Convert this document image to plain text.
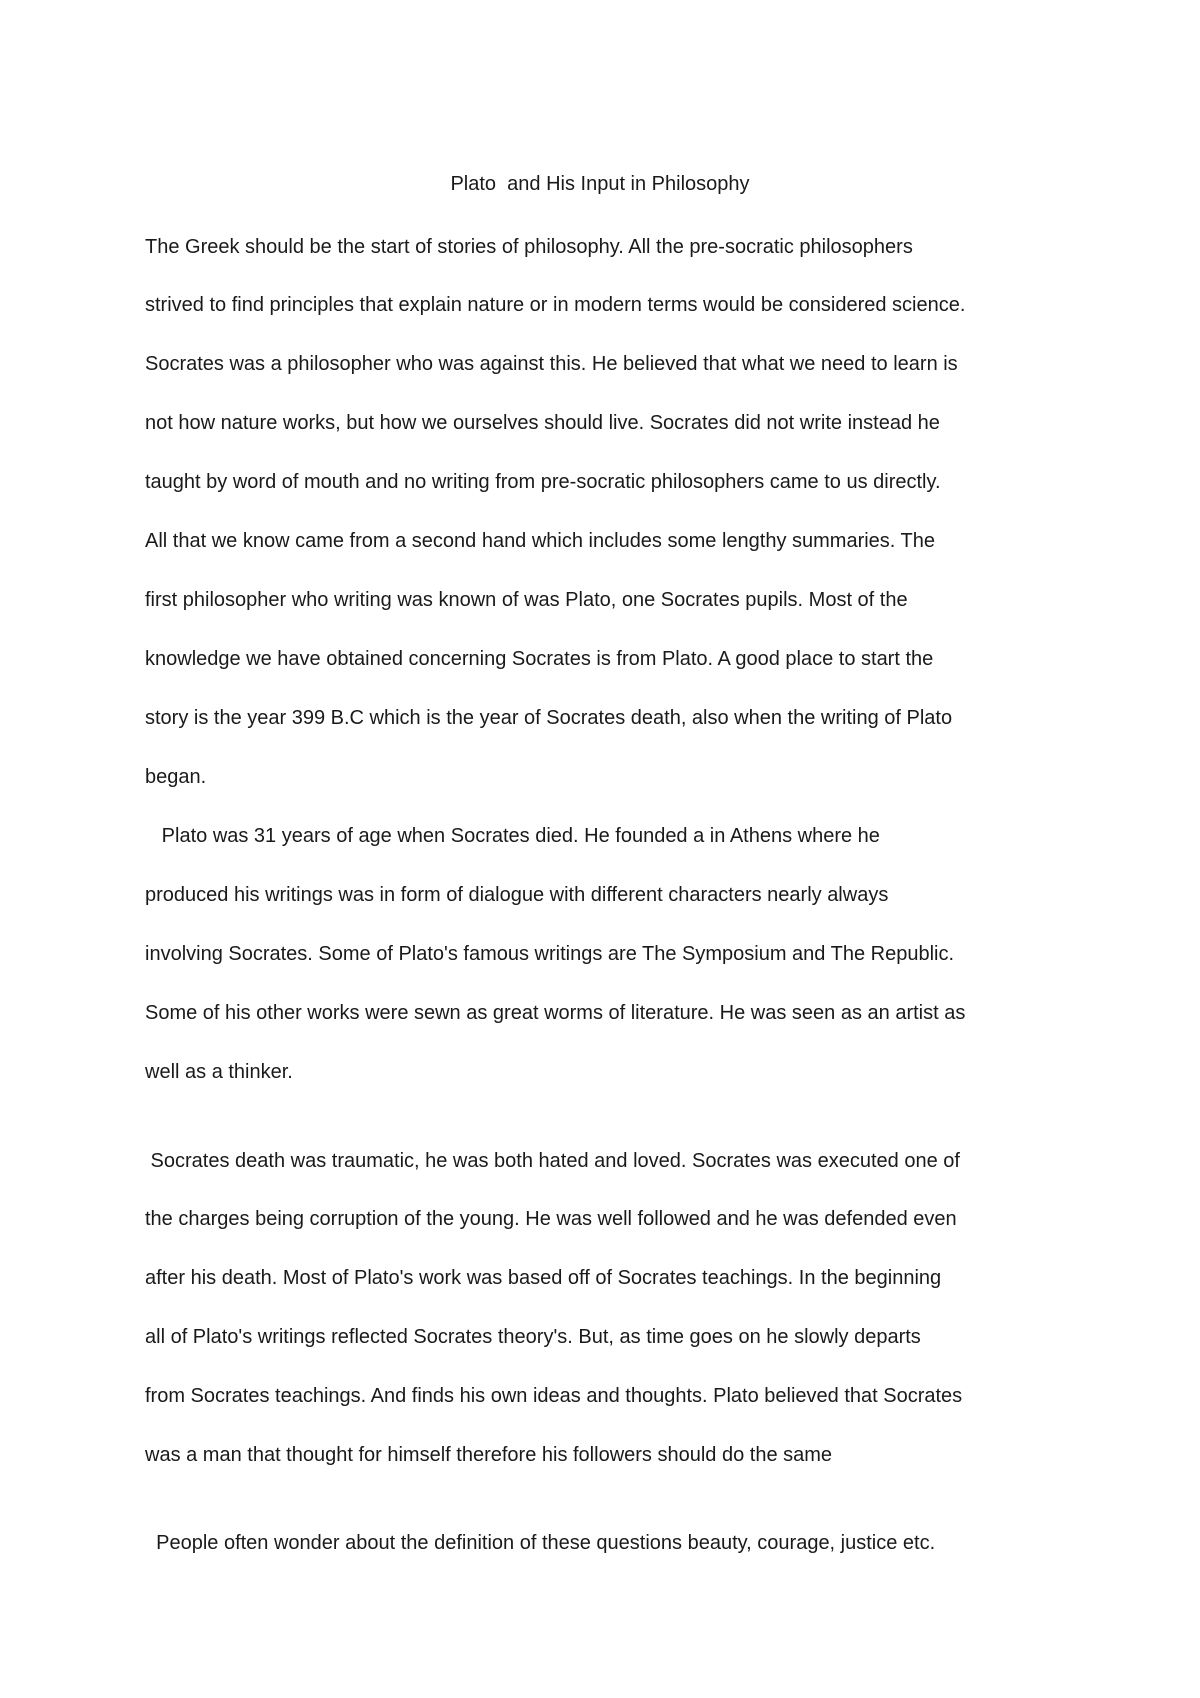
Plato  and His Input in Philosophy
The Greek should be the start of stories of philosophy. All the pre-socratic philosophers
strived to find principles that explain nature or in modern terms would be considered science.
Socrates was a philosopher who was against this. He believed that what we need to learn is
not how nature works, but how we ourselves should live. Socrates did not write instead he
taught by word of mouth and no writing from pre-socratic philosophers came to us directly.
All that we know came from a second hand which includes some lengthy summaries. The
first philosopher who writing was known of was Plato, one Socrates pupils. Most of the
knowledge we have obtained concerning Socrates is from Plato. A good place to start the
story is the year 399 B.C which is the year of Socrates death, also when the writing of Plato
began.
Plato was 31 years of age when Socrates died. He founded a in Athens where he
produced his writings was in form of dialogue with different characters nearly always
involving Socrates. Some of Plato's famous writings are The Symposium and The Republic.
Some of his other works were sewn as great worms of literature. He was seen as an artist as
well as a thinker.
Socrates death was traumatic, he was both hated and loved. Socrates was executed one of
the charges being corruption of the young. He was well followed and he was defended even
after his death. Most of Plato's work was based off of Socrates teachings. In the beginning
all of Plato's writings reflected Socrates theory's. But, as time goes on he slowly departs
from Socrates teachings. And finds his own ideas and thoughts. Plato believed that Socrates
was a man that thought for himself therefore his followers should do the same
People often wonder about the definition of these questions beauty, courage, justice etc.
